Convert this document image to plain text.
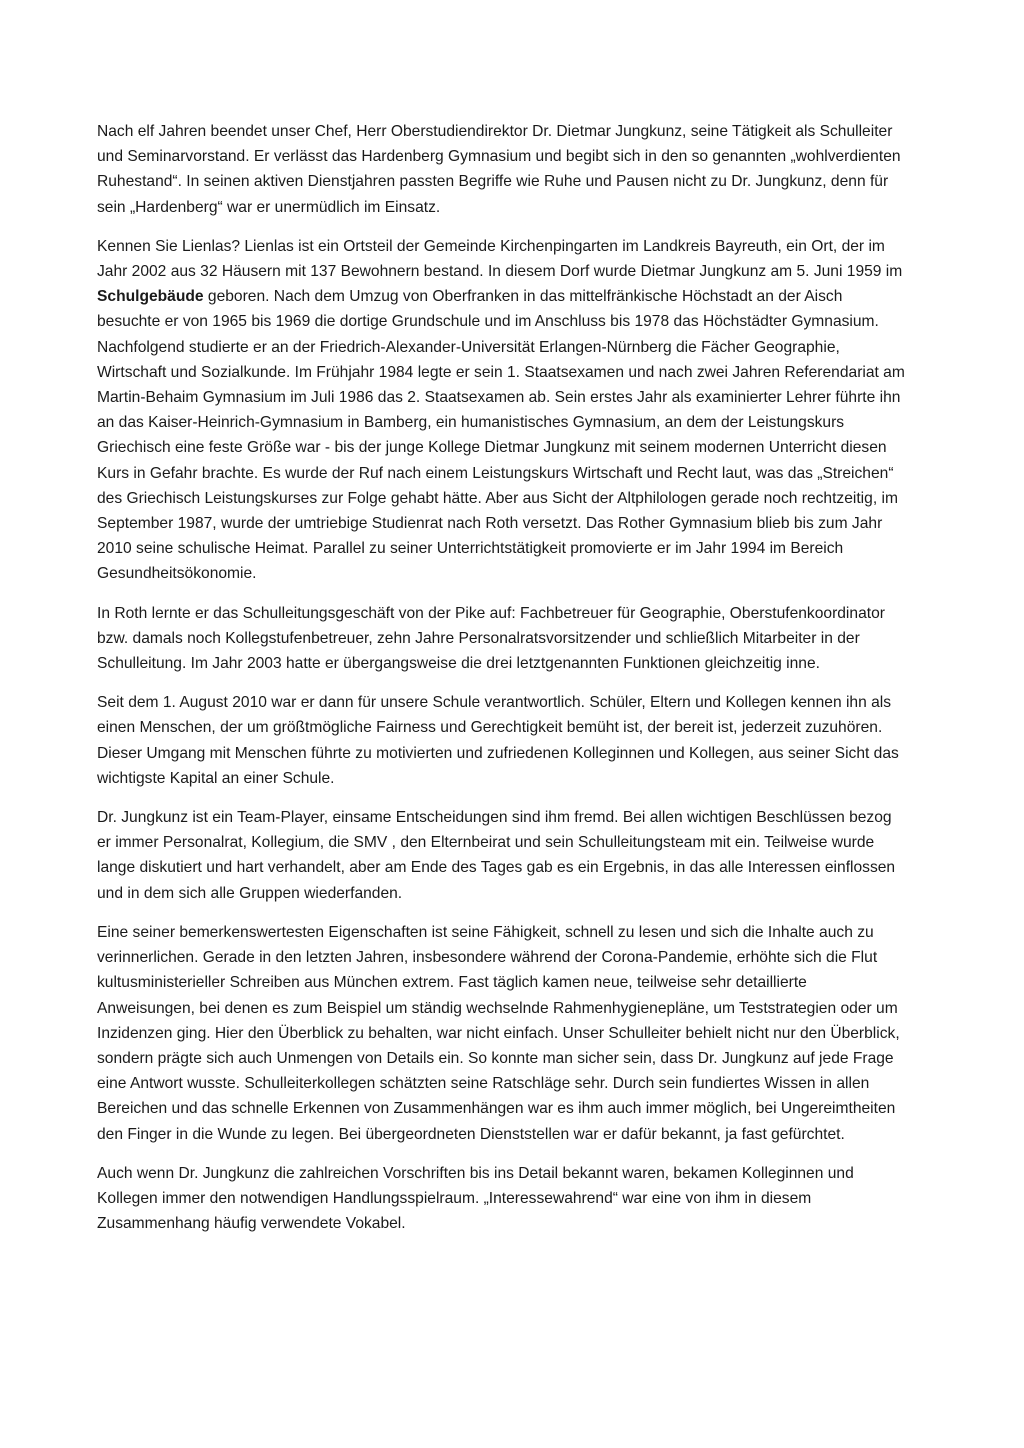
Nach elf Jahren beendet unser Chef, Herr Oberstudiendirektor Dr. Dietmar Jungkunz, seine Tätigkeit als Schulleiter und Seminarvorstand. Er verlässt das Hardenberg Gymnasium und begibt sich in den so genannten „wohlverdienten Ruhestand“. In seinen aktiven Dienstjahren passten Begriffe wie Ruhe und Pausen nicht zu Dr. Jungkunz, denn für sein „Hardenberg“ war er unermüdlich im Einsatz.

Kennen Sie Lienlas? Lienlas ist ein Ortsteil der Gemeinde Kirchenpingarten im Landkreis Bayreuth, ein Ort, der im Jahr 2002 aus 32 Häusern mit 137 Bewohnern bestand. In diesem Dorf wurde Dietmar Jungkunz am 5. Juni 1959 im Schulgebäude geboren. Nach dem Umzug von Oberfranken in das mittelfränkische Höchstadt an der Aisch besuchte er von 1965 bis 1969 die dortige Grundschule und im Anschluss bis 1978 das Höchstädter Gymnasium. Nachfolgend studierte er an der Friedrich-Alexander-Universität Erlangen-Nürnberg die Fächer Geographie, Wirtschaft und Sozialkunde. Im Frühjahr 1984 legte er sein 1. Staatsexamen und nach zwei Jahren Referendariat am Martin-Behaim Gymnasium im Juli 1986 das 2. Staatsexamen ab. Sein erstes Jahr als examinierter Lehrer führte ihn an das Kaiser-Heinrich-Gymnasium in Bamberg, ein humanistisches Gymnasium, an dem der Leistungskurs Griechisch eine feste Größe war - bis der junge Kollege Dietmar Jungkunz mit seinem modernen Unterricht diesen Kurs in Gefahr brachte. Es wurde der Ruf nach einem Leistungskurs Wirtschaft und Recht laut, was das „Streichen“ des Griechisch Leistungskurses zur Folge gehabt hätte. Aber aus Sicht der Altphilologen gerade noch rechtzeitig, im September 1987, wurde der umtriebige Studienrat nach Roth versetzt. Das Rother Gymnasium blieb bis zum Jahr 2010 seine schulische Heimat. Parallel zu seiner Unterrichtstätigkeit promovierte er im Jahr 1994 im Bereich Gesundheitsökonomie.

In Roth lernte er das Schulleitungsgeschäft von der Pike auf: Fachbetreuer für Geographie, Oberstufenkoordinator bzw. damals noch Kollegstufenbetreuer, zehn Jahre Personalratsvorsitzender und schließlich Mitarbeiter in der Schulleitung. Im Jahr 2003 hatte er übergangsweise die drei letztgenannten Funktionen gleichzeitig inne.

Seit dem 1. August 2010 war er dann für unsere Schule verantwortlich. Schüler, Eltern und Kollegen kennen ihn als einen Menschen, der um größtmögliche Fairness und Gerechtigkeit bemüht ist, der bereit ist, jederzeit zuzuhören. Dieser Umgang mit Menschen führte zu motivierten und zufriedenen Kolleginnen und Kollegen, aus seiner Sicht das wichtigste Kapital an einer Schule.

Dr. Jungkunz ist ein Team-Player, einsame Entscheidungen sind ihm fremd. Bei allen wichtigen Beschlüssen bezog er immer Personalrat, Kollegium, die SMV , den Elternbeirat und sein Schulleitungsteam mit ein. Teilweise wurde lange diskutiert und hart verhandelt, aber am Ende des Tages gab es ein Ergebnis, in das alle Interessen einflossen und in dem sich alle Gruppen wiederfanden.

Eine seiner bemerkenswertesten Eigenschaften ist seine Fähigkeit, schnell zu lesen und sich die Inhalte auch zu verinnerlichen. Gerade in den letzten Jahren, insbesondere während der Corona-Pandemie, erhöhte sich die Flut kultusministerieller Schreiben aus München extrem. Fast täglich kamen neue, teilweise sehr detaillierte Anweisungen, bei denen es zum Beispiel um ständig wechselnde Rahmenhygienepläne, um Teststrategien oder um Inzidenzen ging. Hier den Überblick zu behalten, war nicht einfach. Unser Schulleiter behielt nicht nur den Überblick, sondern prägte sich auch Unmengen von Details ein. So konnte man sicher sein, dass Dr. Jungkunz auf jede Frage eine Antwort wusste. Schulleiterkollegen schätzten seine Ratschläge sehr. Durch sein fundiertes Wissen in allen Bereichen und das schnelle Erkennen von Zusammenhängen war es ihm auch immer möglich, bei Ungereimtheiten den Finger in die Wunde zu legen. Bei übergeordneten Dienststellen war er dafür bekannt, ja fast gefürchtet.

Auch wenn Dr. Jungkunz die zahlreichen Vorschriften bis ins Detail bekannt waren, bekamen Kolleginnen und Kollegen immer den notwendigen Handlungsspielraum. „Interessewahrend“ war eine von ihm in diesem Zusammenhang häufig verwendete Vokabel.
